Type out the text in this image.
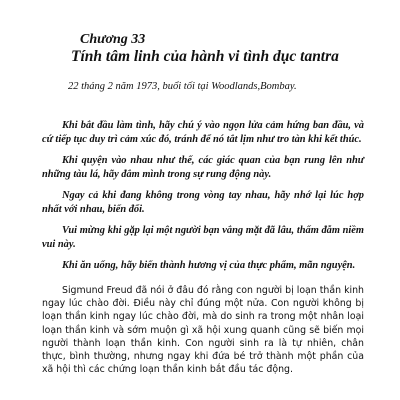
Chương 33
Tính tâm linh của hành vi tình dục tantra
22 tháng 2 năm 1973, buổi tối tại Woodlands,Bombay.

Khi bắt đầu làm tình, hãy chú ý vào ngọn lửa cảm hứng ban đầu, và cứ tiếp tục duy trì cảm xúc đó, tránh để nó tắt lịm như tro tàn khi kết thúc.

Khi quyện vào nhau như thế, các giác quan của bạn rung lên như những tàu lá, hãy đắm mình trong sự rung động này.

Ngay cả khi đang không trong vòng tay nhau, hãy nhớ lại lúc hợp nhất với nhau, biến đổi.

Vui mừng khi gặp lại một người bạn vắng mặt đã lâu, thấm đẫm niềm vui này.

Khi ăn uống, hãy biến thành hương vị của thực phẩm, mãn nguyện.

Sigmund Freud đã nói ở đâu đó rằng con người bị loạn thần kinh ngay lúc chào đời. Điều này chỉ đúng một nửa. Con người không bị loạn thần kinh ngay lúc chào đời, mà do sinh ra trong một nhân loại loạn thần kinh và sớm muộn gì xã hội xung quanh cũng sẽ biến mọi người thành loạn thần kinh. Con người sinh ra là tự nhiên, chân thực, bình thường, nhưng ngay khi đứa bé trở thành một phần của xã hội thì các chứng loạn thần kinh bắt đầu tác động.
